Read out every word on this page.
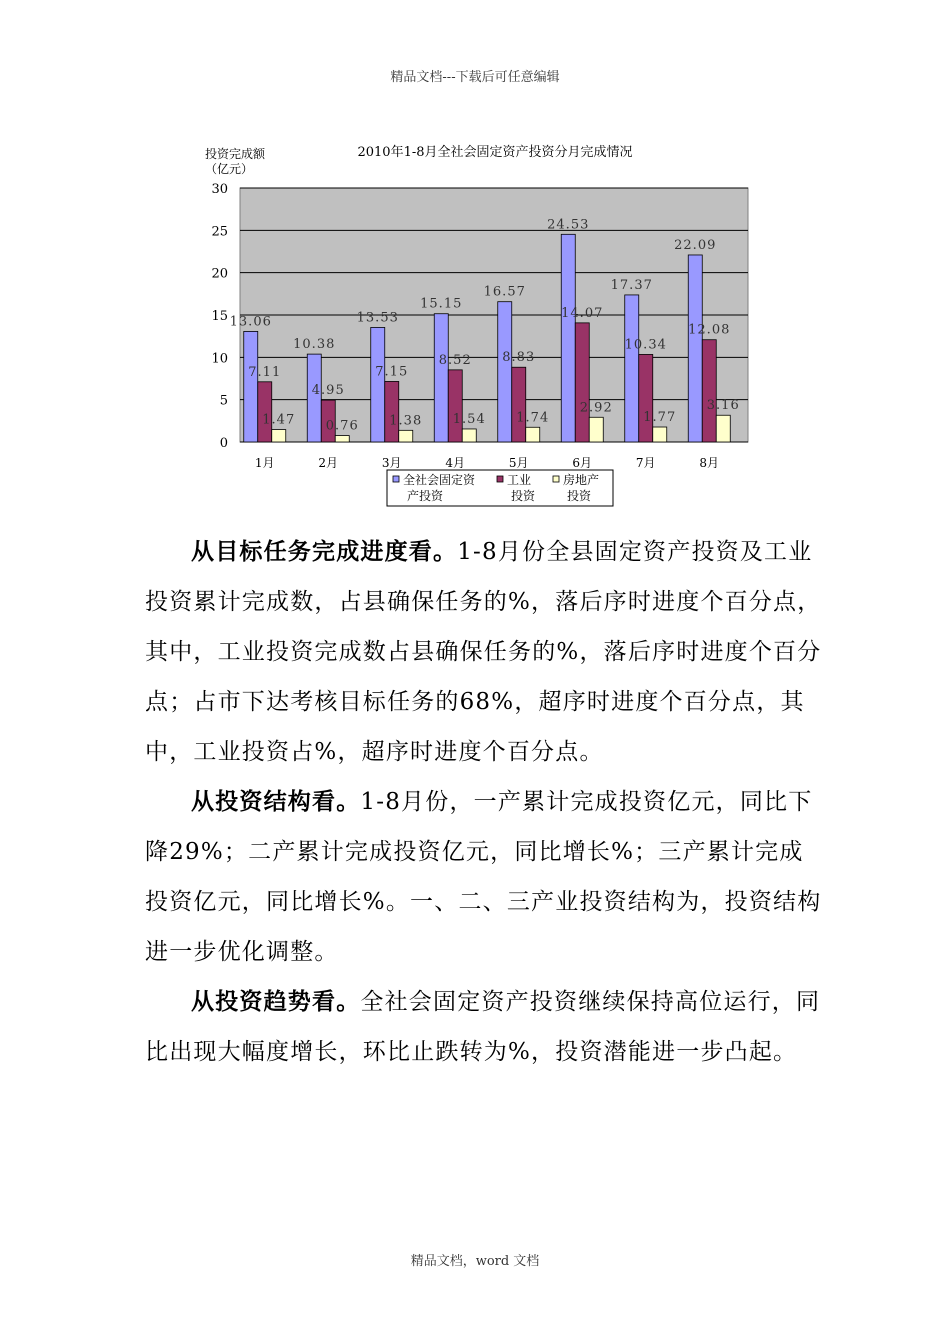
精品文档---下载后可任意编辑
2010年1-8月全社会固定资产投资分月完成情况
投资完成额
（亿元）
0
5
10
15
20
25
30
13.06
7.11
1.47
1月
10.38
4.95
0.76
2月
13.53
7.15
1.38
3月
15.15
8.52
1.54
4月
16.57
8.83
1.74
5月
24.53
14.07
2.92
6月
17.37
10.34
1.77
7月
22.09
12.08
3.16
8月
全社会固定资
产投资
工业
投资
房地产
投资

从目标任务完成进度看。1-8月份全县固定资产投资及工业投资累计完成数，占县确保任务的%，落后序时进度个百分点，其中，工业投资完成数占县确保任务的%，落后序时进度个百分点；占市下达考核目标任务的68%，超序时进度个百分点，其中，工业投资占%，超序时进度个百分点。

从投资结构看。1-8月份，一产累计完成投资亿元，同比下降29%；二产累计完成投资亿元，同比增长%；三产累计完成投资亿元，同比增长%。一、二、三产业投资结构为，投资结构进一步优化调整。

从投资趋势看。全社会固定资产投资继续保持高位运行，同比出现大幅度增长，环比止跌转为%，投资潜能进一步凸起。

精品文档，word 文档
